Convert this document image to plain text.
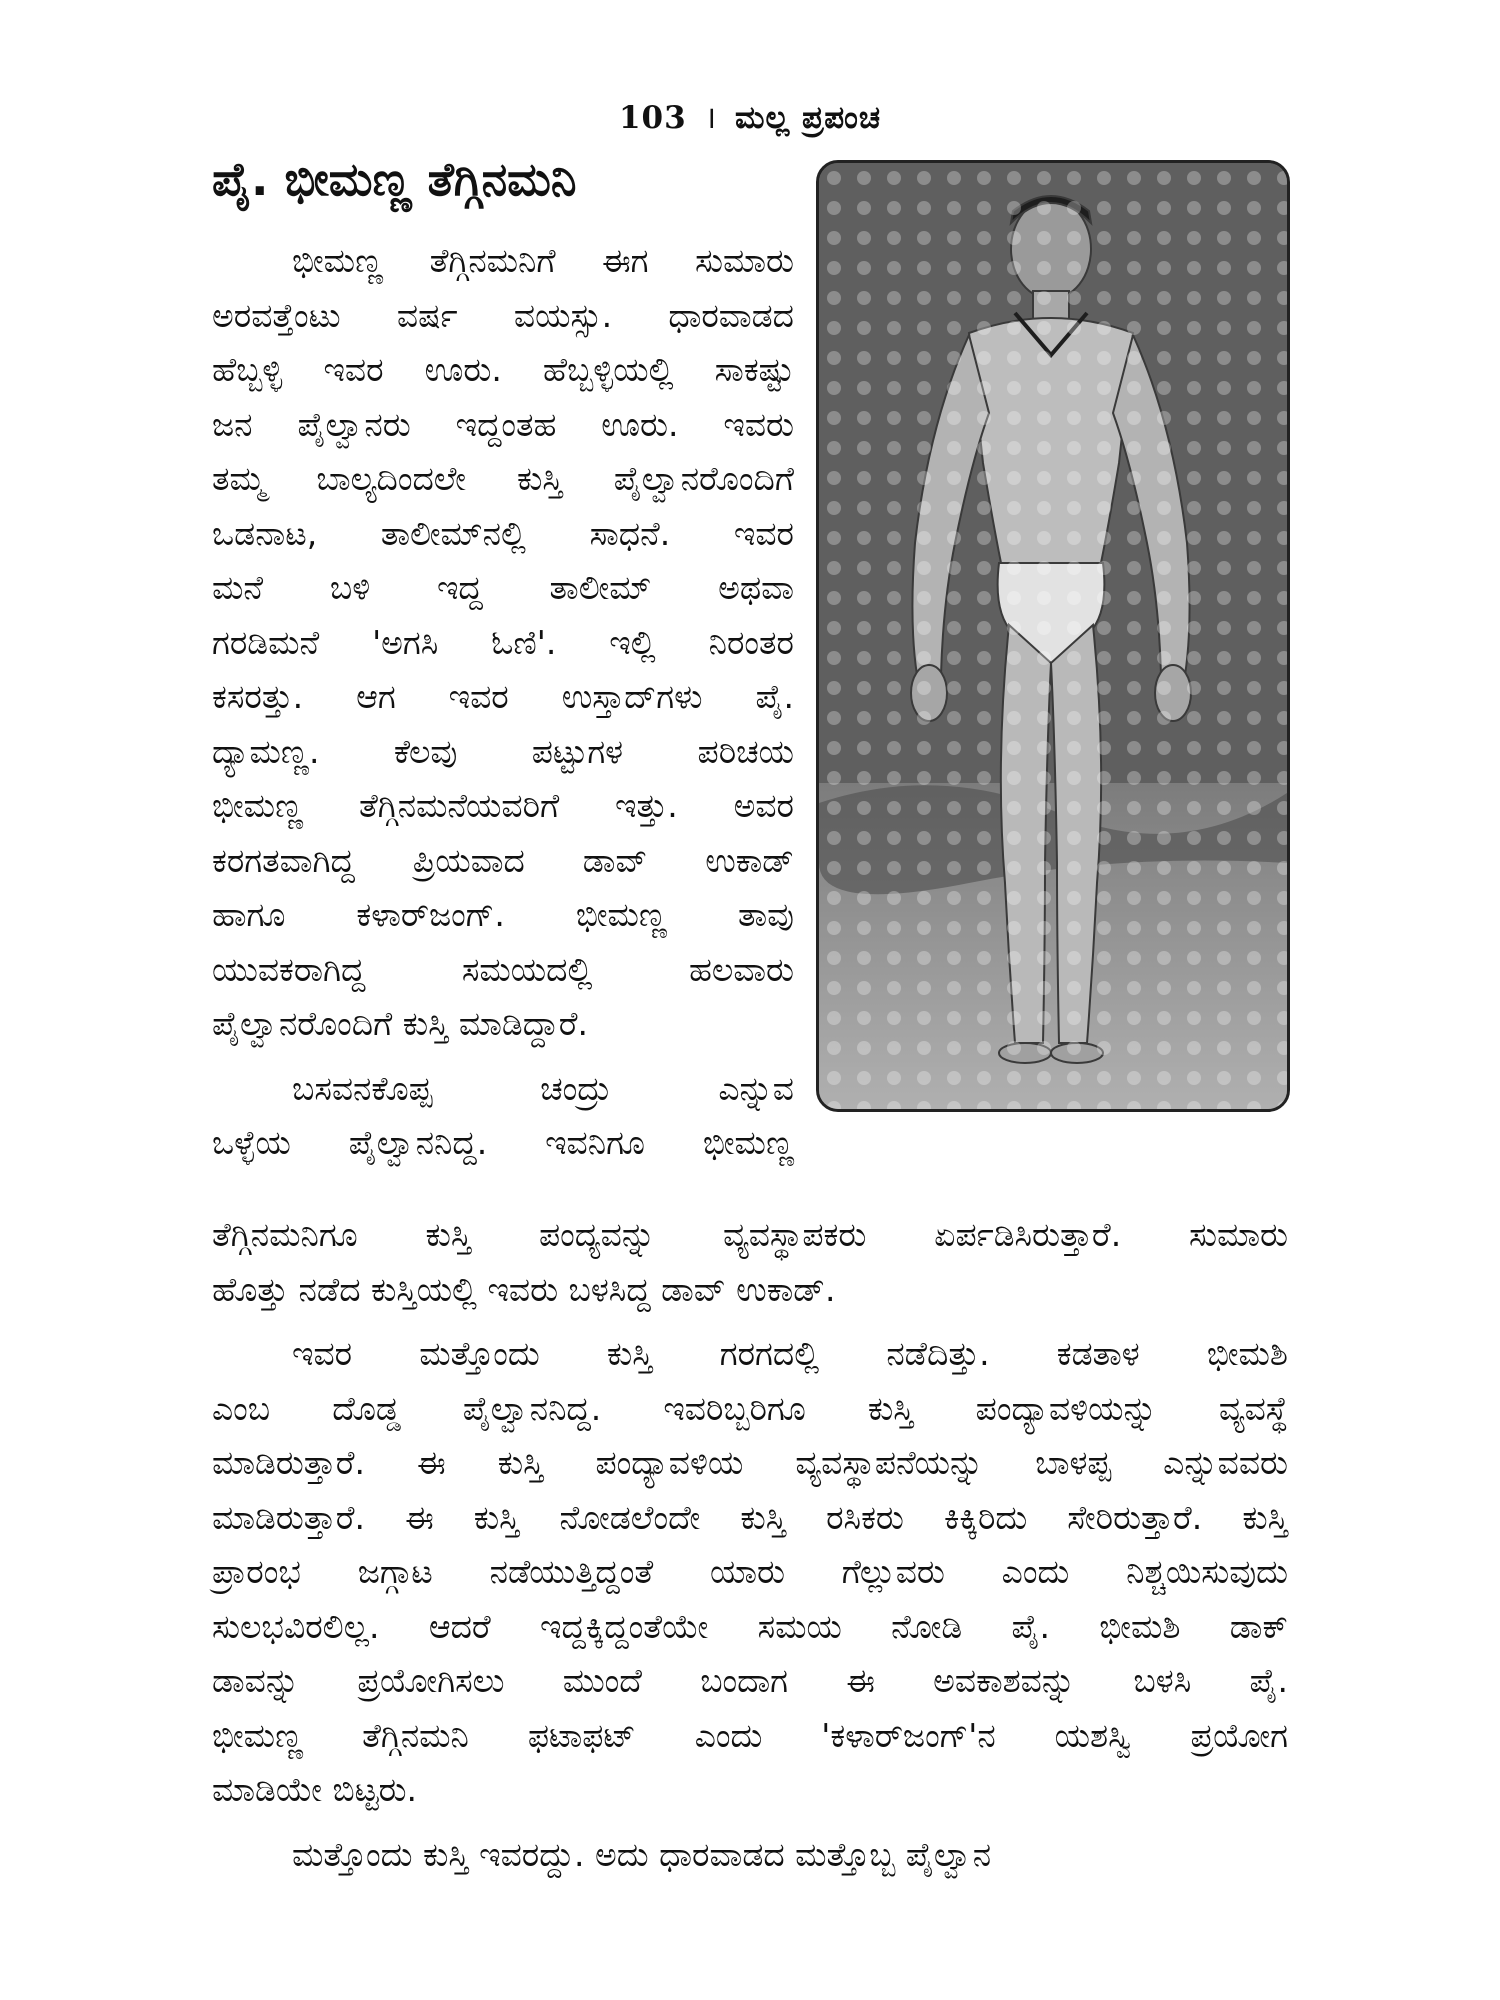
103 । ಮಲ್ಲ ಪ್ರಪಂಚ
ಪೈ. ಭೀಮಣ್ಣ ತೆಗ್ಗಿನಮನಿ

ಭೀಮಣ್ಣ ತೆಗ್ಗಿನಮನಿಗೆ ಈಗ ಸುಮಾರು

ಅರವತ್ತೆಂಟು ವರ್ಷ ವಯಸ್ಸು. ಧಾರವಾಡದ

ಹೆಬ್ಬಳ್ಳಿ ಇವರ ಊರು. ಹೆಬ್ಬಳ್ಳಿಯಲ್ಲಿ ಸಾಕಷ್ಟು

ಜನ ಪೈಲ್ವಾನರು ಇದ್ದಂತಹ ಊರು. ಇವರು

ತಮ್ಮ ಬಾಲ್ಯದಿಂದಲೇ ಕುಸ್ತಿ ಪೈಲ್ವಾನರೊಂದಿಗೆ

ಒಡನಾಟ, ತಾಲೀಮ್‌ನಲ್ಲಿ ಸಾಧನೆ. ಇವರ

ಮನೆ ಬಳಿ ಇದ್ದ ತಾಲೀಮ್ ಅಥವಾ

ಗರಡಿಮನೆ 'ಅಗಸಿ ಓಣಿ'. ಇಲ್ಲಿ ನಿರಂತರ

ಕಸರತ್ತು. ಆಗ ಇವರ ಉಸ್ತಾದ್‌ಗಳು ಪೈ.

ದ್ಯಾಮಣ್ಣ. ಕೆಲವು ಪಟ್ಟುಗಳ ಪರಿಚಯ

ಭೀಮಣ್ಣ ತೆಗ್ಗಿನಮನೆಯವರಿಗೆ ಇತ್ತು. ಅವರ

ಕರಗತವಾಗಿದ್ದ ಪ್ರಿಯವಾದ ಡಾವ್ ಉಕಾಡ್

ಹಾಗೂ ಕಳಾರ್‌ಜಂಗ್. ಭೀಮಣ್ಣ ತಾವು

ಯುವಕರಾಗಿದ್ದ ಸಮಯದಲ್ಲಿ ಹಲವಾರು

ಪೈಲ್ವಾನರೊಂದಿಗೆ ಕುಸ್ತಿ ಮಾಡಿದ್ದಾರೆ.

ಬಸವನಕೊಪ್ಪ ಚಂದ್ರು ಎನ್ನುವ

ಒಳ್ಳೆಯ ಪೈಲ್ವಾನನಿದ್ದ. ಇವನಿಗೂ ಭೀಮಣ್ಣ

ತೆಗ್ಗಿನಮನಿಗೂ ಕುಸ್ತಿ ಪಂದ್ಯವನ್ನು ವ್ಯವಸ್ಥಾಪಕರು ಏರ್ಪಡಿಸಿರುತ್ತಾರೆ. ಸುಮಾರು

ಹೊತ್ತು ನಡೆದ ಕುಸ್ತಿಯಲ್ಲಿ ಇವರು ಬಳಸಿದ್ದ ಡಾವ್ ಉಕಾಡ್.

ಇವರ ಮತ್ತೊಂದು ಕುಸ್ತಿ ಗರಗದಲ್ಲಿ ನಡೆದಿತ್ತು. ಕಡತಾಳ ಭೀಮಶಿ

ಎಂಬ ದೊಡ್ಡ ಪೈಲ್ವಾನನಿದ್ದ. ಇವರಿಬ್ಬರಿಗೂ ಕುಸ್ತಿ ಪಂದ್ಯಾವಳಿಯನ್ನು ವ್ಯವಸ್ಥೆ

ಮಾಡಿರುತ್ತಾರೆ. ಈ ಕುಸ್ತಿ ಪಂದ್ಯಾವಳಿಯ ವ್ಯವಸ್ಥಾಪನೆಯನ್ನು ಬಾಳಪ್ಪ ಎನ್ನುವವರು

ಮಾಡಿರುತ್ತಾರೆ. ಈ ಕುಸ್ತಿ ನೋಡಲೆಂದೇ ಕುಸ್ತಿ ರಸಿಕರು ಕಿಕ್ಕಿರಿದು ಸೇರಿರುತ್ತಾರೆ. ಕುಸ್ತಿ

ಪ್ರಾರಂಭ ಜಗ್ಗಾಟ ನಡೆಯುತ್ತಿದ್ದಂತೆ ಯಾರು ಗೆಲ್ಲುವರು ಎಂದು ನಿಶ್ಚಯಿಸುವುದು

ಸುಲಭವಿರಲಿಲ್ಲ. ಆದರೆ ಇದ್ದಕ್ಕಿದ್ದಂತೆಯೇ ಸಮಯ ನೋಡಿ ಪೈ. ಭೀಮಶಿ ಡಾಕ್

ಡಾವನ್ನು ಪ್ರಯೋಗಿಸಲು ಮುಂದೆ ಬಂದಾಗ ಈ ಅವಕಾಶವನ್ನು ಬಳಸಿ ಪೈ.

ಭೀಮಣ್ಣ ತೆಗ್ಗಿನಮನಿ ಫಟಾಫಟ್ ಎಂದು 'ಕಳಾರ್‌ಜಂಗ್'ನ ಯಶಸ್ವಿ ಪ್ರಯೋಗ

ಮಾಡಿಯೇ ಬಿಟ್ಟರು.

ಮತ್ತೊಂದು ಕುಸ್ತಿ ಇವರದ್ದು. ಅದು ಧಾರವಾಡದ ಮತ್ತೊಬ್ಬ ಪೈಲ್ವಾನ
